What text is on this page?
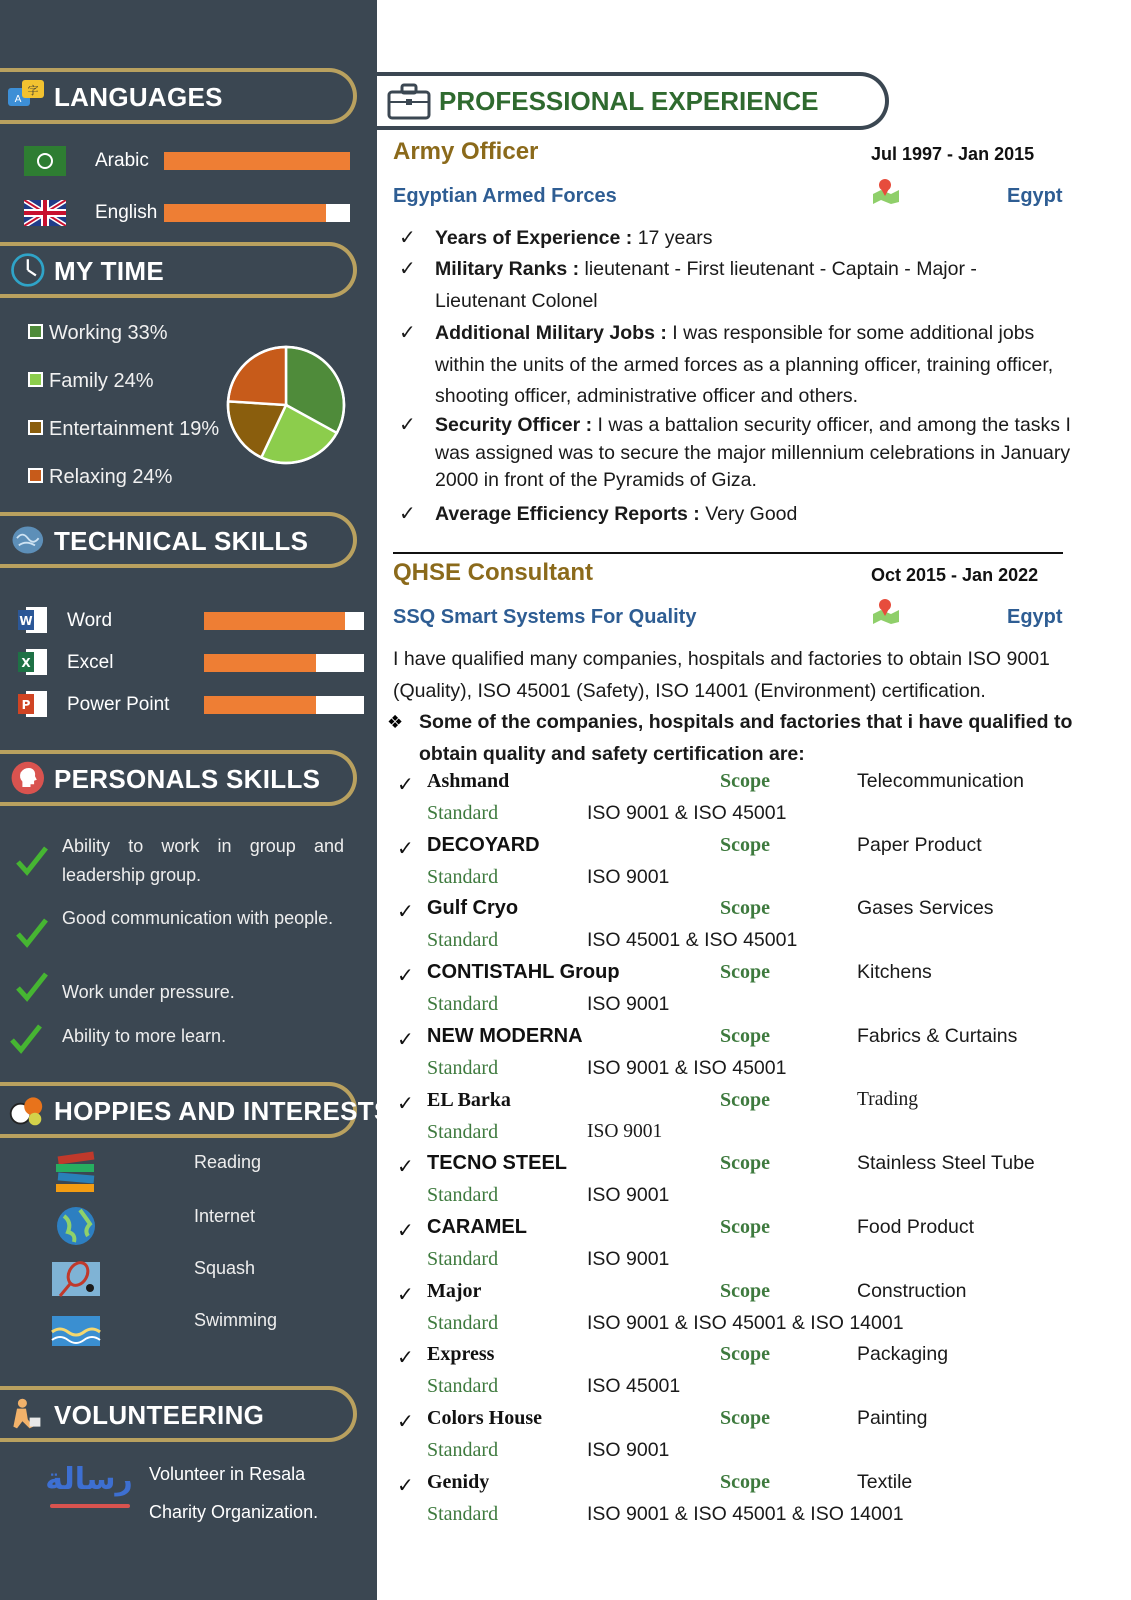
字
A LANGUAGES
Arabic
English
MY TIME
Working 33%
Family 24%
Entertainment 19%
Relaxing 24%
TECHNICAL SKILLS
W Word
X Excel
P Power Point
PERSONALS SKILLS
Ability to work in group and leadership group.
Good communication with people.
Work under pressure.
Ability to more learn.
HOPPIES AND INTERESTS
Reading
Internet
Squash
Swimming
VOLUNTEERING
رسالة Volunteer in Resala
Charity Organization.
PROFESSIONAL EXPERIENCE
Army Officer	Jul 1997 - Jan 2015
Egyptian Armed Forces	Egypt
✓ Years of Experience : 17 years
✓ Military Ranks : lieutenant - First lieutenant - Captain - Major - Lieutenant Colonel
✓ Additional Military Jobs : I was responsible for some additional jobs within the units of the armed forces as a planning officer, training officer, shooting officer, administrative officer and others.
✓ Security Officer : I was a battalion security officer, and among the tasks I was assigned was to secure the major millennium celebrations in January 2000 in front of the Pyramids of Giza.
✓ Average Efficiency Reports : Very Good
QHSE Consultant	Oct 2015 - Jan 2022
SSQ Smart Systems For Quality	Egypt
I have qualified many companies, hospitals and factories to obtain ISO 9001 (Quality), ISO 45001 (Safety), ISO 14001 (Environment) certification.
❖ Some of the companies, hospitals and factories that i have qualified to obtain quality and safety certification are:
✓ Ashmand	Scope	Telecommunication
Standard	ISO 9001 & ISO 45001
✓ DECOYARD	Scope	Paper Product
Standard	ISO 9001
✓ Gulf Cryo	Scope	Gases Services
Standard	ISO 45001 & ISO 45001
✓ CONTISTAHL Group	Scope	Kitchens
Standard	ISO 9001
✓ NEW MODERNA	Scope	Fabrics & Curtains
Standard	ISO 9001 & ISO 45001
✓ EL Barka	Scope	Trading
Standard	ISO 9001
✓ TECNO STEEL	Scope	Stainless Steel Tube
Standard	ISO 9001
✓ CARAMEL	Scope	Food Product
Standard	ISO 9001
✓ Major	Scope	Construction
Standard	ISO 9001 & ISO 45001 & ISO 14001
✓ Express	Scope	Packaging
Standard	ISO 45001
✓ Colors House	Scope	Painting
Standard	ISO 9001
✓ Genidy	Scope	Textile
Standard	ISO 9001 & ISO 45001 & ISO 14001
